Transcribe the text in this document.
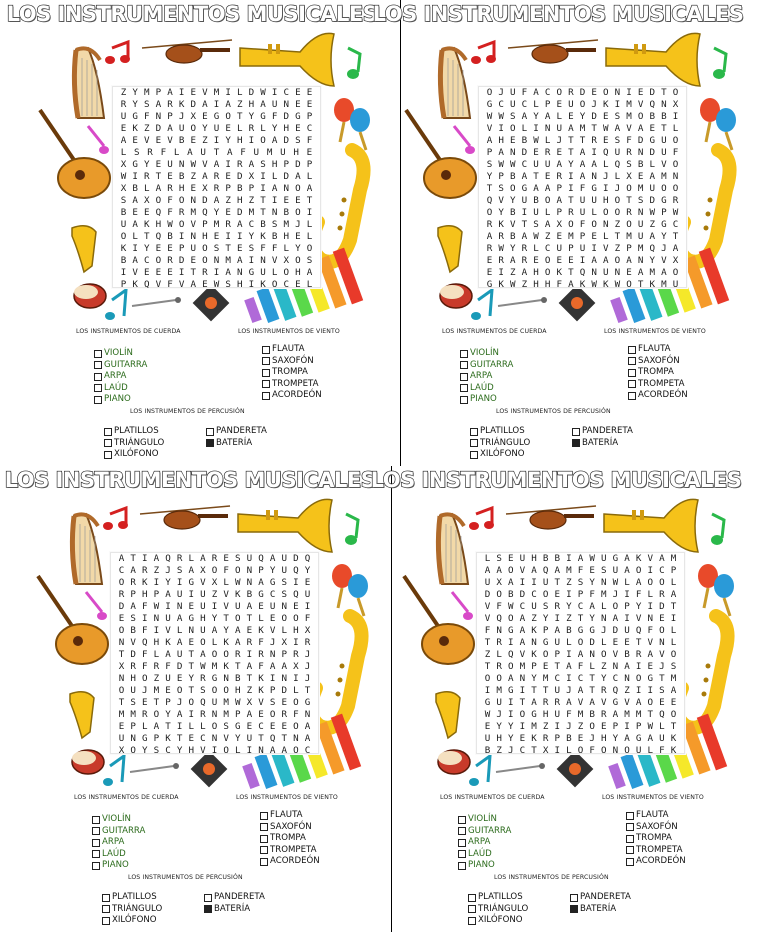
LOS INSTRUMENTOS MUSICALES
Z Y M P A I E V M I L D W I C E E
R Y S A R K D A I A Z H A U N E E
U G F N P J X E G O T Y G F D G P
E K Z D A U O Y U E L R L Y H E C
A E V E V B E Z I Y H I O A D S F
L S R F L A U T A F U M U H E
X G Y E U N W V A I R A S H P D P
W I R T E B Z A R E D X I L D A L
X B L A R H E X R P B P I A N O A
S A X O F O N D A Z H Z T I E E T
B E E Q F R M Q Y E D M T N B O I
U A K H W O V P M R A C B S M J L
O L T Q B I N H E I I Y K B H E L
K I Y E E P U O S T E S F F L Y O
B A C O R D E O N M A I N V X O S
I V E E E I T R I A N G U L O H A
P K Q V F V A E W S H I K O C E L
LOS INSTRUMENTOS DE CUERDA	LOS INSTRUMENTOS DE VIENTO
LOS INSTRUMENTOS DE PERCUSIÓN
VIOLÍN
GUITARRA
ARPA
LAÚD
PIANO
FLAUTA
SAXOFÓN
TROMPA
TROMPETA
ACORDEÓN
PLATILLOS
TRIÁNGULO
XILÓFONO
PANDERETA
BATERÍA
LOS INSTRUMENTOS MUSICALES
O J U F A C O R D E O N I E D T O
G C U C L P E U O J K I M V Q N X
W W S A Y A L E Y D E S M O B B I
V I O L I N U A M T W A V A E T L
A H E B W L J T T R E S F D G U O
P A N D E R E T A I Q U R N D U F
S W W C U U A Y A A L Q S B L V O
Y P B A T E R I A N J L X E A M N
T S O G A A P I F G I J O M U O O
Q V Y U B O A T U U H O T S D G R
O Y B I U L P R U L O O R N W P W
R K V T S A X O F O N Z O U Z G C
A R B A W Z E M P E L T M U A Y T
R W Y R L C U P U I V Z P M Q J A
E R A R E O E E I A A O A N Y V X
E I Z A H O K T Q N U N E A M A O
G K W Z H H F A K W K W O T K M U
LOS INSTRUMENTOS DE CUERDA	LOS INSTRUMENTOS DE VIENTO
LOS INSTRUMENTOS DE PERCUSIÓN
VIOLÍN
GUITARRA
ARPA
LAÚD
PIANO
FLAUTA
SAXOFÓN
TROMPA
TROMPETA
ACORDEÓN
PLATILLOS
TRIÁNGULO
XILÓFONO
PANDERETA
BATERÍA
LOS INSTRUMENTOS MUSICALES
A T I A Q R L A R E S U Q A U D Q
C A R Z J S A X O F O N P Y U Q Y
O R K I Y I G V X L W N A G S I E
R P H P A U I U Z V K B G C S Q U
D A F W I N E U I V U A E U N E I
E S I N U A G H Y T O T L E O O F
O B F I V L N U A Y A E K V L H X
N V Q H K A E O L K A R F J X I R
T D F L A U T A O O R I R N P R J
X R F R F D T W M K T A F A A X J
N H O Z U E Y R G N B T K I N I J
O U J M E O T S O O H Z K P D L T
T S E T P J O Q U M W X V S E O G
M M R O Y A I R N M P A E O R F N
E P L A T I L L O S G E C E E O A
U N G P K T E C N V Y U T Q T N A
X O Y S C Y H V I O L I N A A O C
LOS INSTRUMENTOS DE CUERDA	LOS INSTRUMENTOS DE VIENTO
LOS INSTRUMENTOS DE PERCUSIÓN
VIOLÍN
GUITARRA
ARPA
LAÚD
PIANO
FLAUTA
SAXOFÓN
TROMPA
TROMPETA
ACORDEÓN
PLATILLOS
TRIÁNGULO
XILÓFONO
PANDERETA
BATERÍA
LOS INSTRUMENTOS MUSICALES
L S E U H B B I A W U G A K V A M
A A O V A Q A M F E S U A O I C P
U X A I I U T Z S Y N W L A O O L
D O B D C O E I P F M J I F L R A
V F W C U S R Y C A L O P Y I D T
V Q O A Z Y I Z T Y N A I V N E I
F N G A K P A B G G J D U Q F O L
T R I A N G U L O D L E E T V N L
Z L Q V K O P I A N O V B R A V O
T R O M P E T A F L Z N A I E J S
O O A N Y M C I C T Y C N O G T M
I M G I T T U J A T R Q Z I I S A
G U I T A R R A V A V G V A O E E
W J I O G H U F M B R A M M T Q O
E Y Y I M Z I J Z O E P I P W L T
U H Y E K R P B E J H Y A G A U K
B Z J C T X I L O F O N O U L F K
LOS INSTRUMENTOS DE CUERDA	LOS INSTRUMENTOS DE VIENTO
LOS INSTRUMENTOS DE PERCUSIÓN
VIOLÍN
GUITARRA
ARPA
LAÚD
PIANO
FLAUTA
SAXOFÓN
TROMPA
TROMPETA
ACORDEÓN
PLATILLOS
TRIÁNGULO
XILÓFONO
PANDERETA
BATERÍA
